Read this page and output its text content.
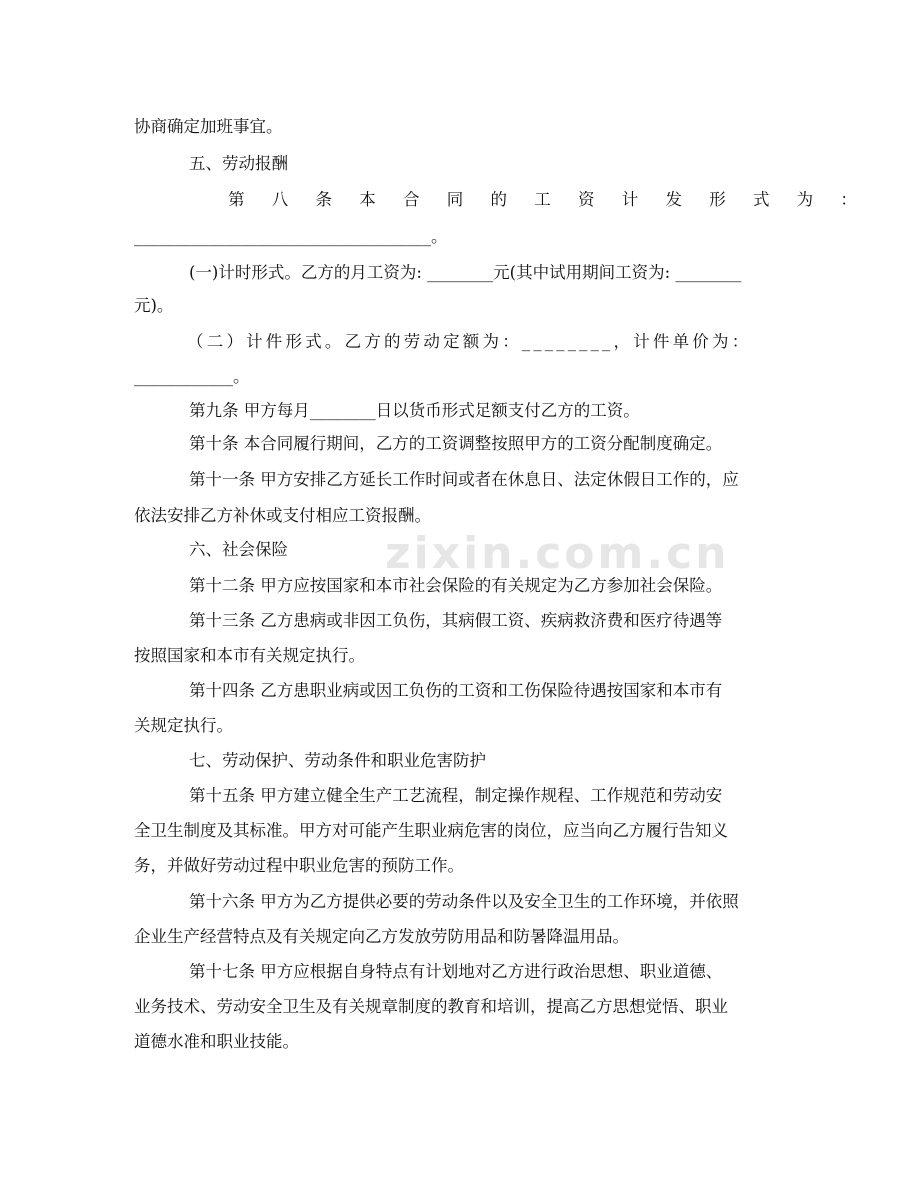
zixin.com.cn
协商确定加班事宜。
五、劳动报酬
第 八 条 本 合 同 的 工 资 计 发 形 式 为 ：
____________________________________。
(一)计时形式。乙方的月工资为: ________元(其中试用期间工资为: ________
元)。
（二）计件形式。乙方的劳动定额为：________，计件单价为：
____________。
第九条 甲方每月________日以货币形式足额支付乙方的工资。
第十条 本合同履行期间，乙方的工资调整按照甲方的工资分配制度确定。
第十一条 甲方安排乙方延长工作时间或者在休息日、法定休假日工作的，应
依法安排乙方补休或支付相应工资报酬。
六、社会保险
第十二条 甲方应按国家和本市社会保险的有关规定为乙方参加社会保险。
第十三条 乙方患病或非因工负伤，其病假工资、疾病救济费和医疗待遇等
按照国家和本市有关规定执行。
第十四条 乙方患职业病或因工负伤的工资和工伤保险待遇按国家和本市有
关规定执行。
七、劳动保护、劳动条件和职业危害防护
第十五条 甲方建立健全生产工艺流程，制定操作规程、工作规范和劳动安
全卫生制度及其标准。甲方对可能产生职业病危害的岗位，应当向乙方履行告知义
务，并做好劳动过程中职业危害的预防工作。
第十六条 甲方为乙方提供必要的劳动条件以及安全卫生的工作环境，并依照
企业生产经营特点及有关规定向乙方发放劳防用品和防暑降温用品。
第十七条 甲方应根据自身特点有计划地对乙方进行政治思想、职业道德、
业务技术、劳动安全卫生及有关规章制度的教育和培训，提高乙方思想觉悟、职业
道德水准和职业技能。
